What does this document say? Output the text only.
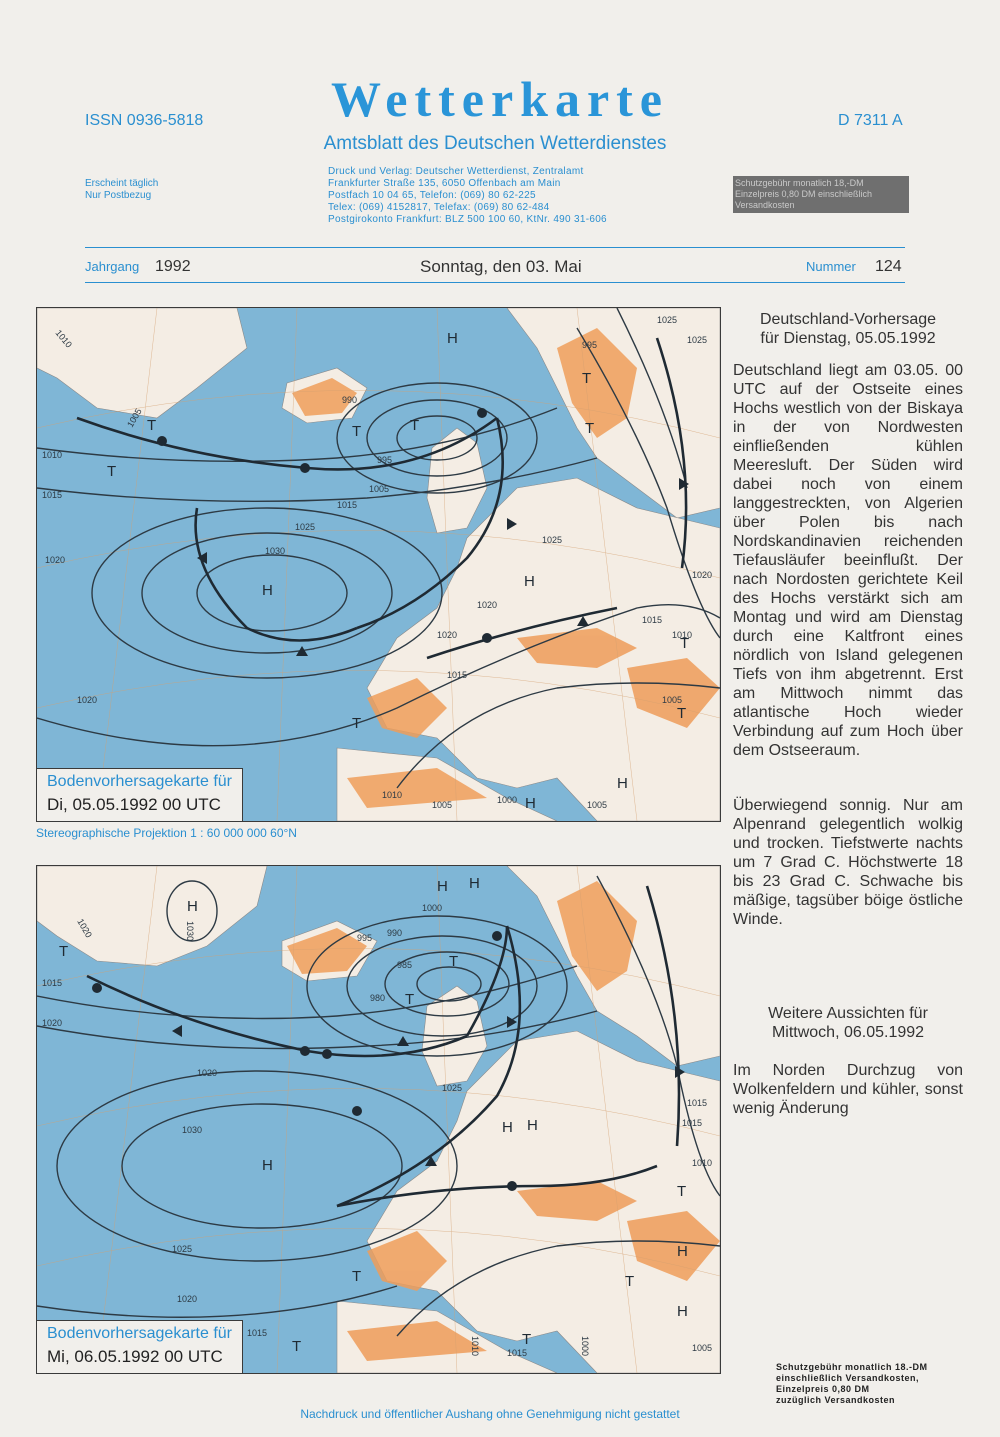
ISSN 0936-5818	Wetterkarte
Amtsblatt des Deutschen Wetterdienstes
D 7311 A
Erscheint täglich
Nur Postbezug
Druck und Verlag: Deutscher Wetterdienst, Zentralamt
Frankfurter Straße 135, 6050 Offenbach am Main
Postfach 10 04 65, Telefon: (069) 80 62-225
Telex: (069) 4152817, Telefax: (069) 80 62-484
Postgirokonto Frankfurt: BLZ 500 100 60, KtNr. 490 31-606
Schutzgebühr monatlich 18,-DM
Einzelpreis 0,80 DM einschließlich
Versandkosten
Jahrgang 1992	Sonntag, den 03. Mai	Nummer 124
1010
1005
1010
1015
1020
1030
1025
1020
990
995
1005
1015
1025
1020
1015
1010
1005	1000	1005
1025
1020
1010
1005
1015
1020
995
1025
H
T
T
T	T
H
H
T
T
H
T
T
T
H
Bodenvorhersagekarte für
Di, 05.05.1992 00 UTC
Stereographische Projektion 1 : 60 000 000 60°N
1020
1015
1020
1030
995 990
985
980
1000
1020
1030
1025
1025
1020
1015
1010
1015
1005
1000
1015
1010
1015
H
T
T
T
T
H
H H
H H
H
T
T	T
H
T
Bodenvorhersagekarte für
Mi, 06.05.1992 00 UTC
Deutschland-Vorhersage
für Dienstag, 05.05.1992
Deutschland liegt am 03.05. 00 UTC auf der Ostseite eines Hochs westlich von der Biskaya in der von Nordwesten einfließenden kühlen Meeresluft. Der Süden wird dabei noch von einem langgestreckten, von Algerien über Polen bis nach Nordskandinavien reichenden Tiefausläufer beeinflußt. Der nach Nordosten gerichtete Keil des Hochs verstärkt sich am Montag und wird am Dienstag durch eine Kaltfront eines nördlich von Island gelegenen Tiefs von ihm abgetrennt. Erst am Mittwoch nimmt das atlantische Hoch wieder Verbindung auf zum Hoch über dem Ostseeraum.
Überwiegend sonnig. Nur am Alpenrand gelegentlich wolkig und trocken. Tiefstwerte nachts um 7 Grad C. Höchstwerte 18 bis 23 Grad C. Schwache bis mäßige, tagsüber böige östliche Winde.
Weitere Aussichten für
Mittwoch, 06.05.1992
Im Norden Durchzug von Wolkenfeldern und kühler, sonst wenig Änderung
Schutzgebühr monatlich 18.-DM
einschließlich Versandkosten,
Einzelpreis 0,80 DM
zuzüglich Versandkosten
Nachdruck und öffentlicher Aushang ohne Genehmigung nicht gestattet
